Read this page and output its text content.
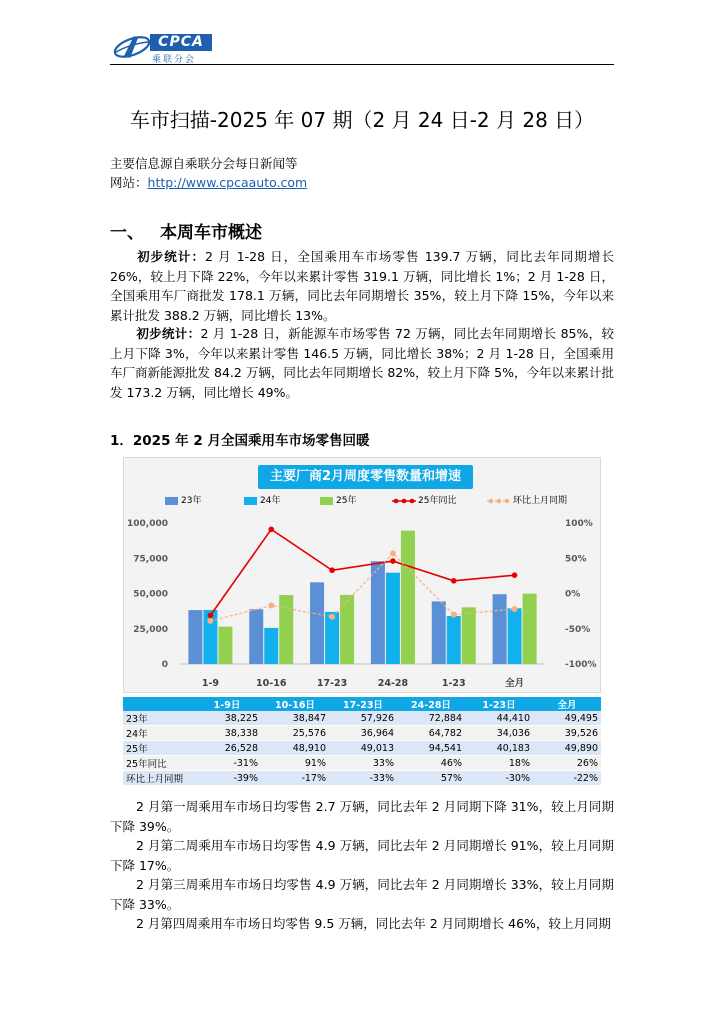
CPCA
乘联分会
车市扫描-2025 年 07 期（2 月 24 日-2 月 28 日）
主要信息源自乘联分会每日新闻等
网站：http://www.cpcaauto.com
一、 本周车市概述
初步统计：2 月 1-28 日，全国乘用车市场零售 139.7 万辆，同比去年同期增长 26%，较上月下降 22%，今年以来累计零售 319.1 万辆，同比增长 1%；2 月 1-28 日，全国乘用车厂商批发 178.1 万辆，同比去年同期增长 35%，较上月下降 15%，今年以来累计批发 388.2 万辆，同比增长 13%。
初步统计：2 月 1-28 日，新能源车市场零售 72 万辆，同比去年同期增长 85%，较上月下降 3%，今年以来累计零售 146.5 万辆，同比增长 38%；2 月 1-28 日，全国乘用车厂商新能源批发 84.2 万辆，同比去年同期增长 82%，较上月下降 5%，今年以来累计批发 173.2 万辆，同比增长 49%。
1．2025 年 2 月全国乘用车市场零售回暖
主要厂商2月周度零售数量和增速
23年	24年	25年	25年同比	环比上月同期
0
25,000
50,000
75,000
100,000
-100%
-50%
0%
50%
100%
1-9	10-16	17-23	24-28	1-23	全月
	1-9日	10-16日	17-23日	24-28日	1-23日	全月
23年	38,225	38,847	57,926	72,884	44,410	49,495
24年	38,338	25,576	36,964	64,782	34,036	39,526
25年	26,528	48,910	49,013	94,541	40,183	49,890
25年同比	-31%	91%	33%	46%	18%	26%
环比上月同期	-39%	-17%	-33%	57%	-30%	-22%
2 月第一周乘用车市场日均零售 2.7 万辆，同比去年 2 月同期下降 31%，较上月同期下降 39%。
2 月第二周乘用车市场日均零售 4.9 万辆，同比去年 2 月同期增长 91%，较上月同期下降 17%。
2 月第三周乘用车市场日均零售 4.9 万辆，同比去年 2 月同期增长 33%，较上月同期下降 33%。
2 月第四周乘用车市场日均零售 9.5 万辆，同比去年 2 月同期增长 46%，较上月同期
